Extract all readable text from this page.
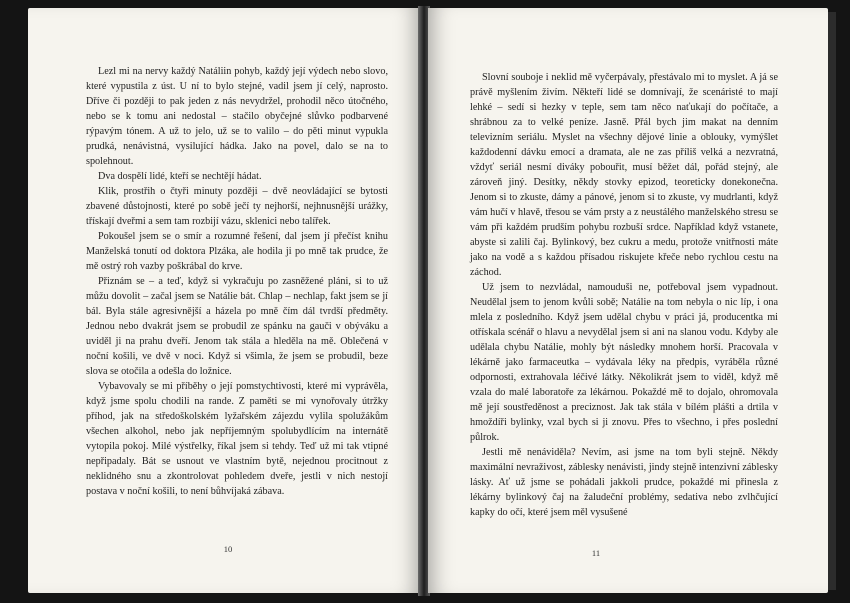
Lezl mi na nervy každý Natáliin pohyb, každý její výdech nebo slovo, které vypustila z úst. U ní to bylo stejné, vadil jsem jí celý, naprosto. Dříve či později to pak jeden z nás nevydržel, prohodil něco útočného, nebo se k tomu ani nedostal – stačilo obyčejné slůvko podbarvené rýpavým tónem. A už to jelo, už se to valilo – do pěti minut vypukla prudká, nenávistná, vysilující hádka. Jako na povel, dalo se na to spolehnout.

Dva dospělí lidé, kteří se nechtějí hádat.

Klik, prostřih o čtyři minuty později – dvě neovládající se bytosti zbavené důstojnosti, které po sobě ječí ty nejhorší, nejhnusnější urážky, třískají dveřmi a sem tam rozbijí vázu, sklenici nebo talířek.

Pokoušel jsem se o smír a rozumné řešení, dal jsem jí přečíst knihu Manželská tonutí od doktora Plzáka, ale hodila ji po mně tak prudce, že mě ostrý roh vazby poškrábal do krve.

Přiznám se – a teď, když si vykračuju po zasněžené pláni, si to už můžu dovolit – začal jsem se Natálie bát. Chlap – nechlap, fakt jsem se jí bál. Byla stále agresivnější a házela po mně čím dál tvrdší předměty. Jednou nebo dvakrát jsem se probudil ze spánku na gauči v obýváku a uviděl ji na prahu dveří. Jenom tak stála a hleděla na mě. Oblečená v noční košili, ve dvě v noci. Když si všimla, že jsem se probudil, beze slova se otočila a odešla do ložnice.

Vybavovaly se mi příběhy o její pomstychtivosti, které mi vyprávěla, když jsme spolu chodili na rande. Z paměti se mi vynořovaly útržky příhod, jak na středoškolském lyžařském zájezdu vylila spolužákům všechen alkohol, nebo jak nepříjemným spolubydlícím na internátě vytopila pokoj. Milé výstřelky, říkal jsem si tehdy. Teď už mi tak vtipné nepřipadaly. Bát se usnout ve vlastním bytě, nejednou procitnout z neklidného snu a zkontrolovat pohledem dveře, jestli v nich nestojí postava v noční košili, to není bůhvíjaká zábava.

10

Slovní souboje i neklid mě vyčerpávaly, přestávalo mi to myslet. A já se právě myšlením živím. Někteří lidé se domnívají, že scenáristé to mají lehké – sedí si hezky v teple, sem tam něco naťukají do počítače, a shrábnou za to velké peníze. Jasně. Přál bych jim makat na denním televizním seriálu. Myslet na všechny dějové linie a oblouky, vymýšlet každodenní dávku emocí a dramata, ale ne zas příliš velká a nezvratná, vždyť seriál nesmí diváky pobouřit, musí běžet dál, pořád stejný, ale zároveň jiný. Desítky, někdy stovky epizod, teoreticky donekonečna. Jenom si to zkuste, dámy a pánové, jenom si to zkuste, vy mudrlanti, když vám hučí v hlavě, třesou se vám prsty a z neustálého manželského stresu se vám při každém prudším pohybu rozbuší srdce. Například když vstanete, abyste si zalili čaj. Bylinkový, bez cukru a medu, protože vnitřnosti máte jako na vodě a s každou přísadou riskujete křeče nebo rychlou cestu na záchod.

Už jsem to nezvládal, namouduši ne, potřeboval jsem vypadnout. Neudělal jsem to jenom kvůli sobě; Natálie na tom nebyla o nic líp, i ona mlela z posledního. Když jsem udělal chybu v práci já, producentka mi otřískala scénář o hlavu a nevydělal jsem si ani na slanou vodu. Kdyby ale udělala chybu Natálie, mohly být následky mnohem horší. Pracovala v lékárně jako farmaceutka – vydávala léky na předpis, vyráběla různé odpornosti, extrahovala léčivé látky. Několikrát jsem to viděl, když mě vzala do malé laboratoře za lékárnou. Pokaždé mě to dojalo, ohromovala mě její soustředěnost a preciznost. Jak tak stála v bílém plášti a drtila v hmoždíři bylinky, vzal bych si ji znovu. Přes to všechno, i přes poslední půlrok.

Jestli mě nenáviděla? Nevím, asi jsme na tom byli stejně. Někdy maximální nevraživost, záblesky nenávisti, jindy stejně intenzivní záblesky lásky. Ať už jsme se pohádali jakkoli prudce, pokaždé mi přinesla z lékárny bylinkový čaj na žaludeční problémy, sedativa nebo zvlhčující kapky do očí, které jsem měl vysušené

11
